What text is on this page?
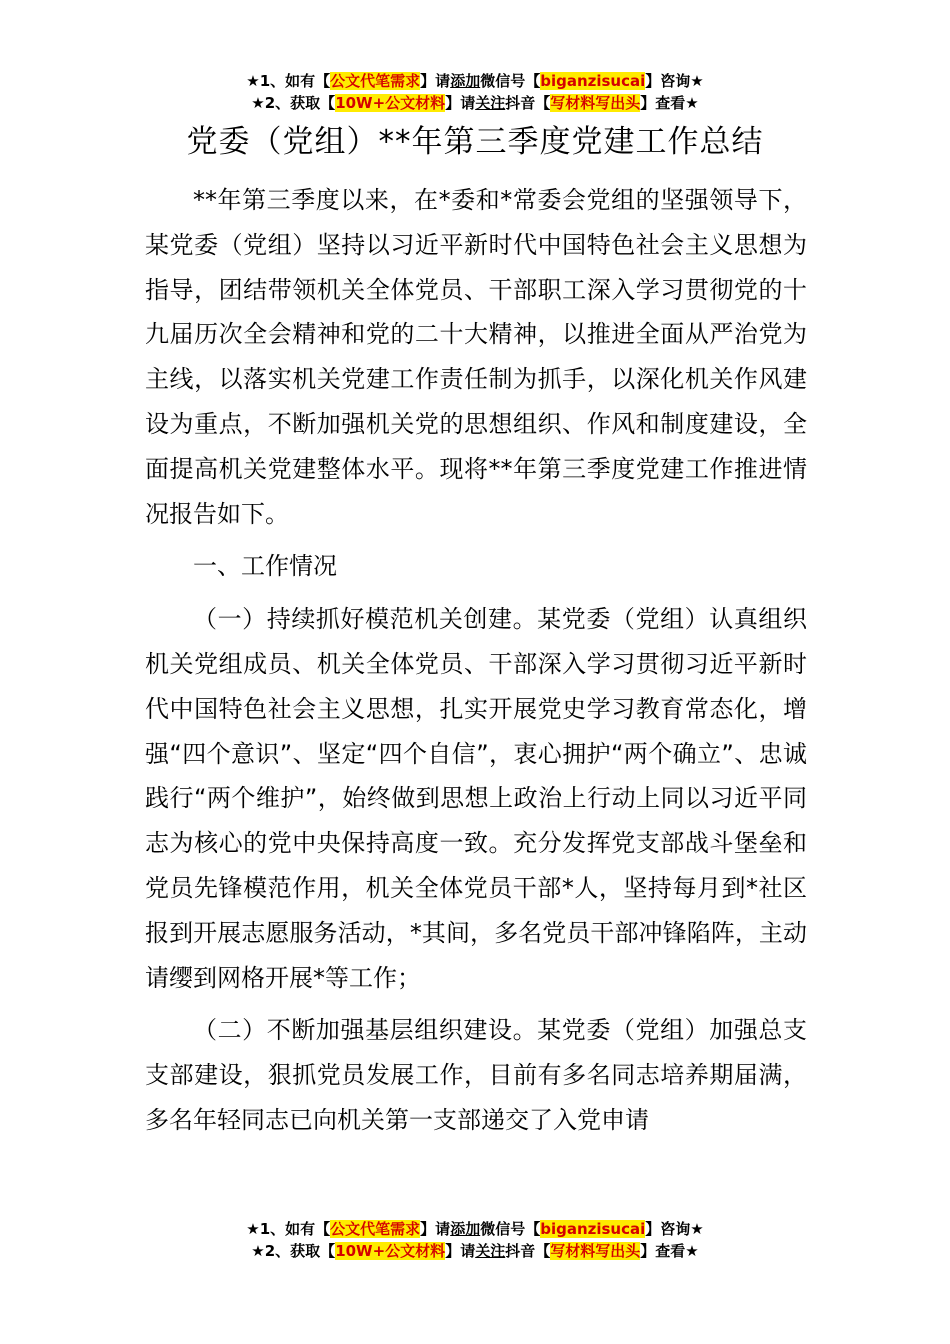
★1、如有【公文代笔需求】请添加微信号【biganzisucai】咨询★
★2、获取【10W+公文材料】请关注抖音【写材料写出头】查看★
党委（党组）**年第三季度党建工作总结

**年第三季度以来，在*委和*常委会党组的坚强领导下，某党委（党组）坚持以习近平新时代中国特色社会主义思想为指导，团结带领机关全体党员、干部职工深入学习贯彻党的十九届历次全会精神和党的二十大精神，以推进全面从严治党为主线，以落实机关党建工作责任制为抓手，以深化机关作风建设为重点，不断加强机关党的思想组织、作风和制度建设，全面提高机关党建整体水平。现将**年第三季度党建工作推进情况报告如下。

一、工作情况

（一）持续抓好模范机关创建。某党委（党组）认真组织机关党组成员、机关全体党员、干部深入学习贯彻习近平新时代中国特色社会主义思想，扎实开展党史学习教育常态化，增强“四个意识”、坚定“四个自信”，衷心拥护“两个确立”、忠诚践行“两个维护”，始终做到思想上政治上行动上同以习近平同志为核心的党中央保持高度一致。充分发挥党支部战斗堡垒和党员先锋模范作用，机关全体党员干部*人，坚持每月到*社区报到开展志愿服务活动，*其间，多名党员干部冲锋陷阵，主动请缨到网格开展*等工作；

（二）不断加强基层组织建设。某党委（党组）加强总支支部建设，狠抓党员发展工作，目前有多名同志培养期届满，多名年轻同志已向机关第一支部递交了入党申请

★1、如有【公文代笔需求】请添加微信号【biganzisucai】咨询★
★2、获取【10W+公文材料】请关注抖音【写材料写出头】查看★
